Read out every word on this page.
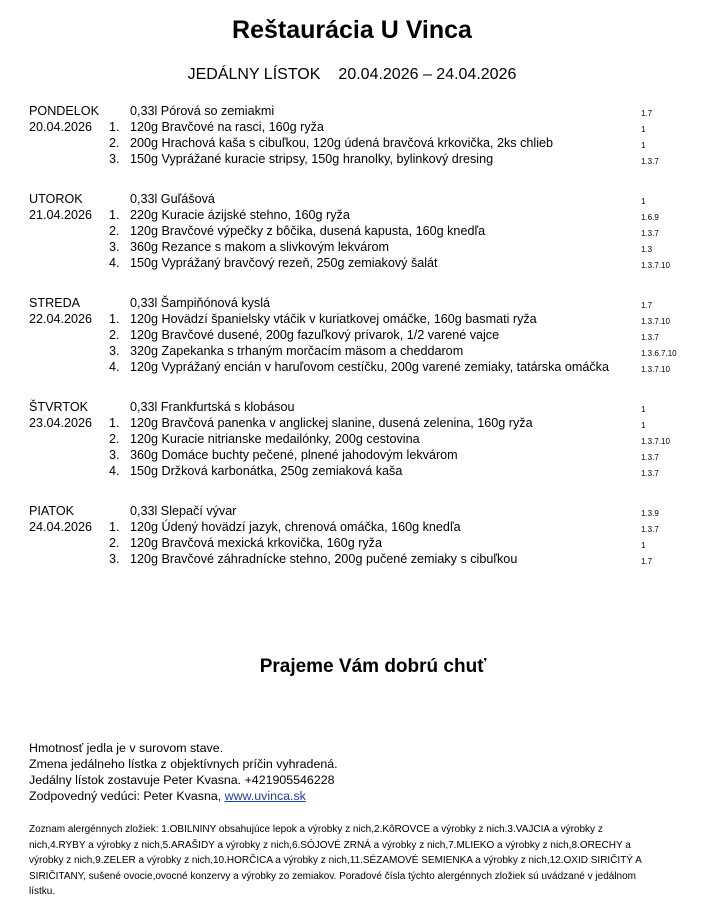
Reštaurácia U Vinca
JEDÁLNY LÍSTOK 20.04.2026 – 24.04.2026
PONDELOK 0,33l Pórová so zemiakmi	1.7
20.04.2026 1. 120g Bravčové na rasci, 160g ryža	1
2. 200g Hrachová kaša s cibuľkou, 120g údená bravčová krkovička, 2ks chlieb	1
3. 150g Vyprážané kuracie stripsy, 150g hranolky, bylinkový dresing	1.3.7
UTOROK	0,33l Guľášová	1
21.04.2026 1. 220g Kuracie ázijské stehno, 160g ryža	1.6.9
2. 120g Bravčové výpečky z bôčika, dusená kapusta, 160g knedľa	1.3.7
3. 360g Rezance s makom a slivkovým lekvárom	1.3
4. 150g Vyprážaný bravčový rezeň, 250g zemiakový šalát	1.3.7.10
STREDA	0,33l Šampiňónová kyslá	1.7
22.04.2026 1. 120g Hovädzí španielsky vtáčik v kuriatkovej omáčke, 160g basmati ryža	1.3.7.10
2. 120g Bravčové dusené, 200g fazuľkový prívarok, 1/2 varené vajce	1.3.7
3. 320g Zapekanka s trhaným morčacím mäsom a cheddarom	1.3.6.7.10
4. 120g Vyprážaný encián v haruľovom cestíčku, 200g varené zemiaky, tatárska omáčka	1.3.7.10
ŠTVRTOK	0,33l Frankfurtská s klobásou	1
23.04.2026 1. 120g Bravčová panenka v anglickej slanine, dusená zelenina, 160g ryža	1
2. 120g Kuracie nitrianske medailónky, 200g cestovina	1.3.7.10
3. 360g Domáce buchty pečené, plnené jahodovým lekvárom	1.3.7
4. 150g Držková karbonátka, 250g zemiaková kaša	1.3.7
PIATOK	0,33l Slepačí vývar	1.3.9
24.04.2026 1. 120g Údený hovädzí jazyk, chrenová omáčka, 160g knedľa	1.3.7
2. 120g Bravčová mexická krkovička, 160g ryža	1
3. 120g Bravčové záhradnícke stehno, 200g pučené zemiaky s cibuľkou	1.7
Prajeme Vám dobrú chuť
Hmotnosť jedla je v surovom stave.
Zmena jedálneho lístka z objektívnych príčin vyhradená.
Jedálny lístok zostavuje Peter Kvasna. +421905546228
Zodpovedný vedúci: Peter Kvasna, www.uvinca.sk
Zoznam alergénnych zložiek: 1.OBILNINY obsahujúce lepok a výrobky z nich,2.KôROVCE a výrobky z nich.3.VAJCIA a výrobky z nich,4.RYBY a výrobky z nich,5.ARAŠIDY a výrobky z nich,6.SÓJOVÉ ZRNÁ a výrobky z nich,7.MLIEKO a výrobky z nich,8.ORECHY a výrobky z nich,9.ZELER a výrobky z nich,10.HORČICA a výrobky z nich,11.SÉZAMOVÉ SEMIENKA a výrobky z nich,12.OXID SIRIČITÝ A SIRIČITANY, sušené ovocie,ovocné konzervy a výrobky zo zemiakov. Poradové čísla týchto alergénnych zložiek sú uvádzané v jedálnom lístku.
